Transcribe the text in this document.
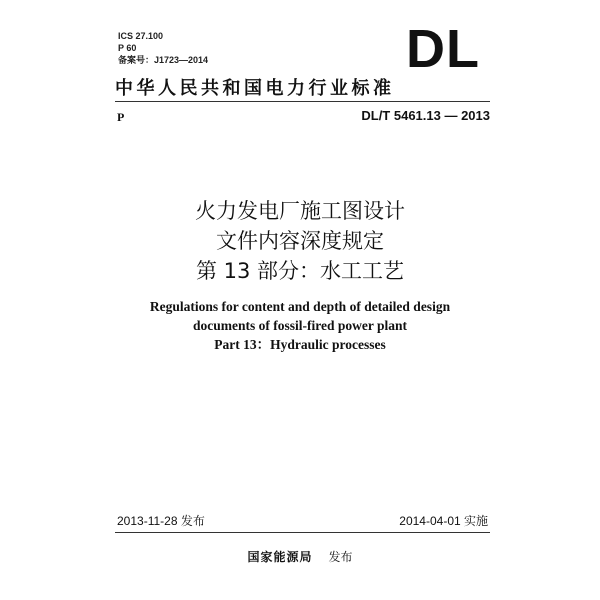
ICS 27.100
P 60
备案号：J1723—2014	DL
中华人民共和国电力行业标准
P	DL/T 5461.13 — 2013
火力发电厂施工图设计
文件内容深度规定
第 13 部分：水工工艺
Regulations for content and depth of detailed design
documents of fossil-fired power plant
Part 13：Hydraulic processes
2013-11-28 发布	2014-04-01 实施
国家能源局 发布
